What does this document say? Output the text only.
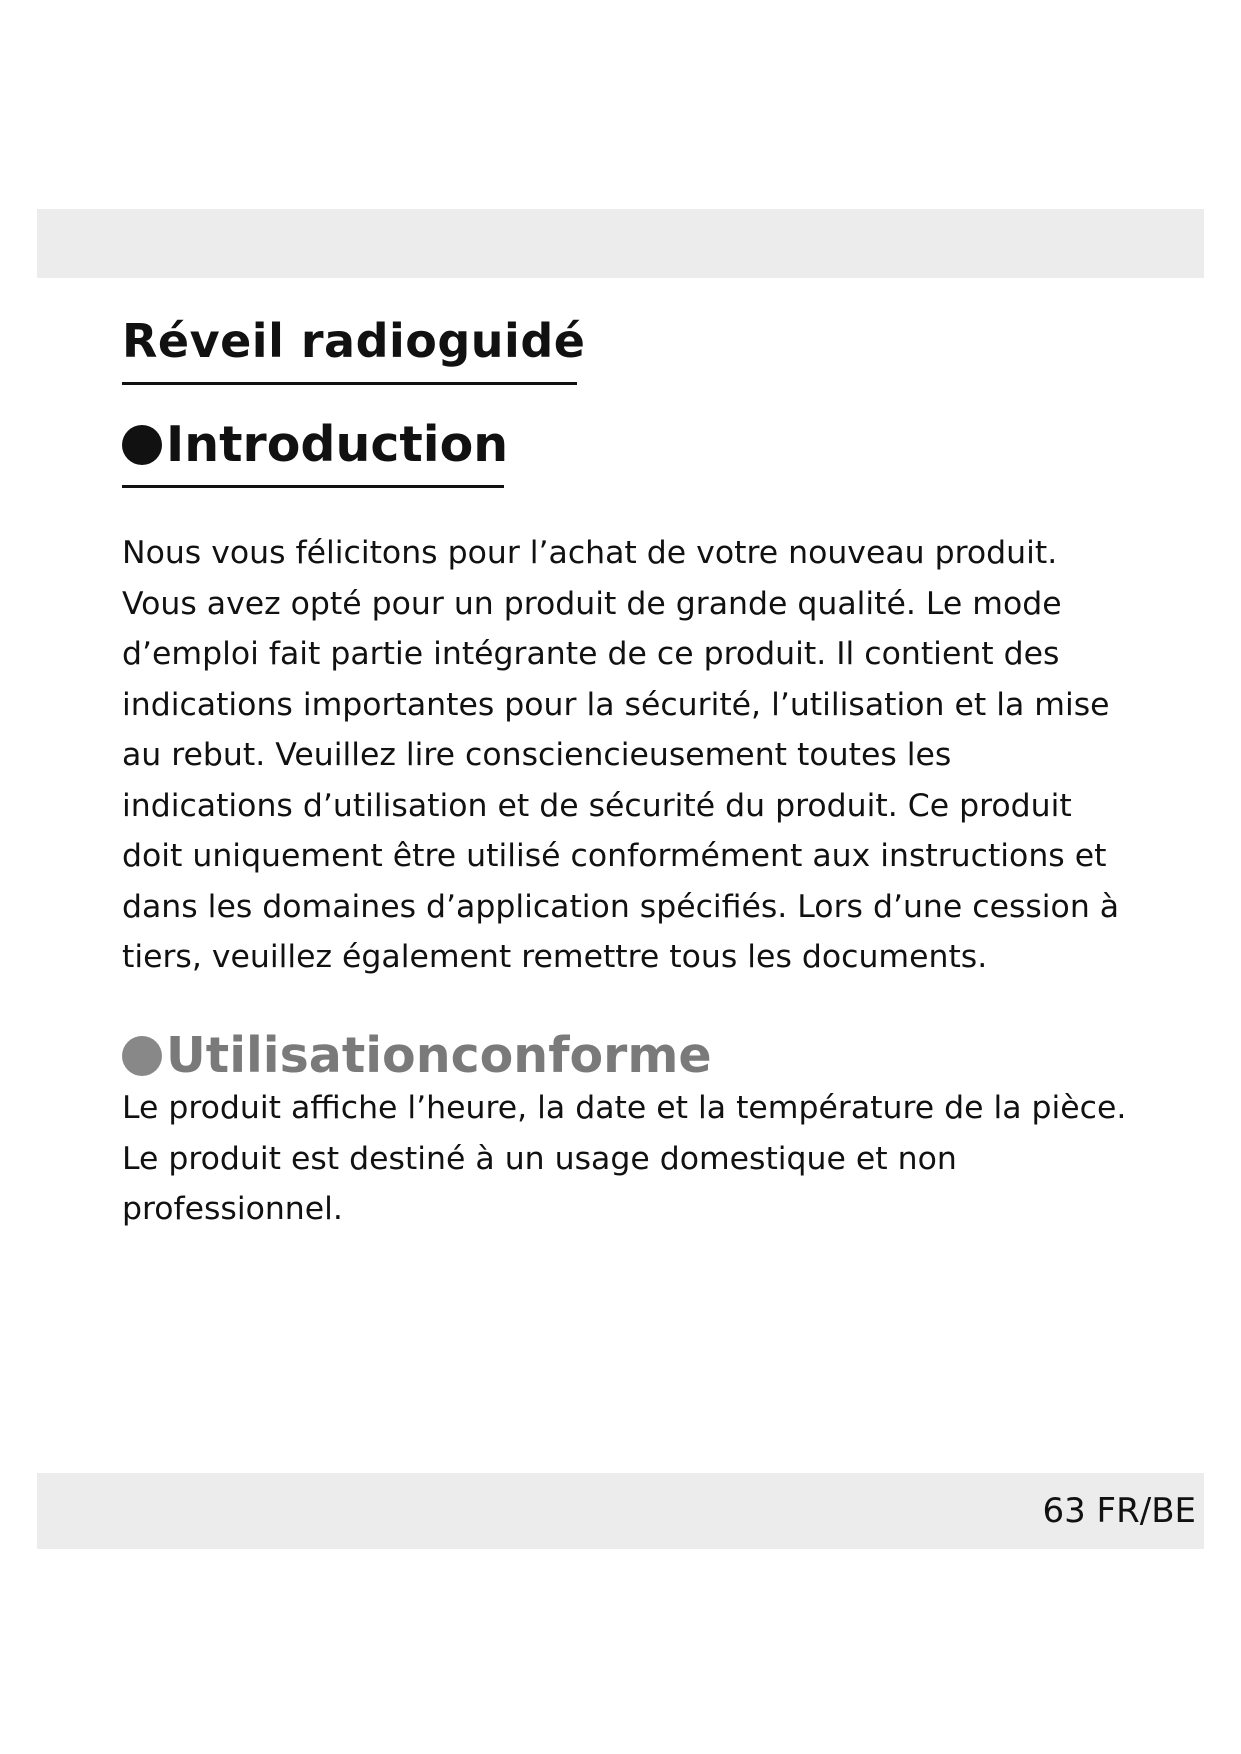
Réveil radioguidé
Introduction

Nous vous félicitons pour l’achat de votre nouveau produit. Vous avez opté pour un produit de grande qualité. Le mode d’emploi fait partie intégrante de ce produit. Il contient des indications importantes pour la sécurité, l’utilisation et la mise au rebut. Veuillez lire consciencieusement toutes les indications d’utilisation et de sécurité du produit. Ce produit doit uniquement être utilisé conformément aux instructions et dans les domaines d’application spécifiés. Lors d’une cession à tiers, veuillez également remettre tous les documents.

Utilisationconforme

Le produit affiche l’heure, la date et la température de la pièce. Le produit est destiné à un usage domestique et non professionnel.

63 FR/BE
